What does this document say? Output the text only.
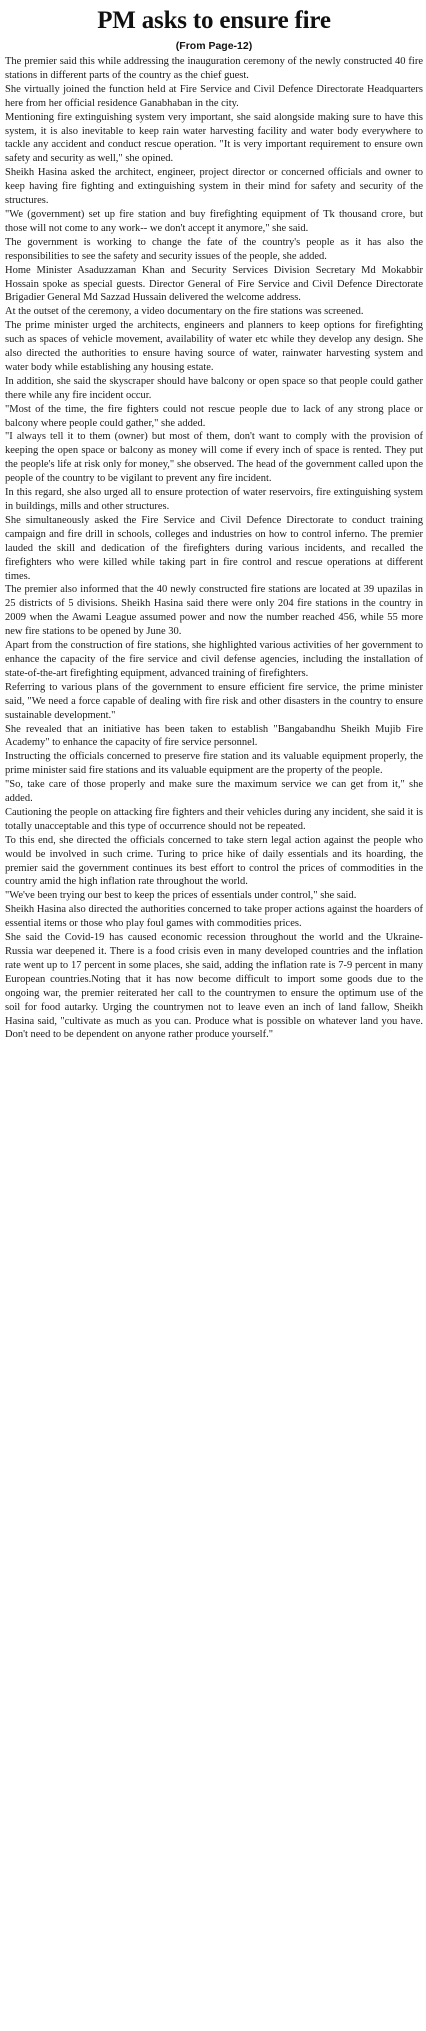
PM asks to ensure fire
(From Page-12)

The premier said this while addressing the inauguration ceremony of the newly constructed 40 fire stations in different parts of the country as the chief guest.

She virtually joined the function held at Fire Service and Civil Defence Directorate Headquarters here from her official residence Ganabhaban in the city.

Mentioning fire extinguishing system very important, she said alongside making sure to have this system, it is also inevitable to keep rain water harvesting facility and water body everywhere to tackle any accident and conduct rescue operation. "It is very important requirement to ensure own safety and security as well," she opined.

Sheikh Hasina asked the architect, engineer, project director or concerned officials and owner to keep having fire fighting and extinguishing system in their mind for safety and security of the structures.

"We (government) set up fire station and buy firefighting equipment of Tk thousand crore, but those will not come to any work-- we don't accept it anymore," she said.

The government is working to change the fate of the country's people as it has also the responsibilities to see the safety and security issues of the people, she added.

Home Minister Asaduzzaman Khan and Security Services Division Secretary Md Mokabbir Hossain spoke as special guests. Director General of Fire Service and Civil Defence Directorate Brigadier General Md Sazzad Hussain delivered the welcome address.

At the outset of the ceremony, a video documentary on the fire stations was screened.

The prime minister urged the architects, engineers and planners to keep options for firefighting such as spaces of vehicle movement, availability of water etc while they develop any design. She also directed the authorities to ensure having source of water, rainwater harvesting system and water body while establishing any housing estate.

In addition, she said the skyscraper should have balcony or open space so that people could gather there while any fire incident occur.

"Most of the time, the fire fighters could not rescue people due to lack of any strong place or balcony where people could gather," she added.

"I always tell it to them (owner) but most of them, don't want to comply with the provision of keeping the open space or balcony as money will come if every inch of space is rented. They put the people's life at risk only for money," she observed. The head of the government called upon the people of the country to be vigilant to prevent any fire incident.

In this regard, she also urged all to ensure protection of water reservoirs, fire extinguishing system in buildings, mills and other structures.

She simultaneously asked the Fire Service and Civil Defence Directorate to conduct training campaign and fire drill in schools, colleges and industries on how to control inferno. The premier lauded the skill and dedication of the firefighters during various incidents, and recalled the firefighters who were killed while taking part in fire control and rescue operations at different times.

The premier also informed that the 40 newly constructed fire stations are located at 39 upazilas in 25 districts of 5 divisions. Sheikh Hasina said there were only 204 fire stations in the country in 2009 when the Awami League assumed power and now the number reached 456, while 55 more new fire stations to be opened by June 30.

Apart from the construction of fire stations, she highlighted various activities of her government to enhance the capacity of the fire service and civil defense agencies, including the installation of state-of-the-art firefighting equipment, advanced training of firefighters.

Referring to various plans of the government to ensure efficient fire service, the prime minister said, "We need a force capable of dealing with fire risk and other disasters in the country to ensure sustainable development."

She revealed that an initiative has been taken to establish "Bangabandhu Sheikh Mujib Fire Academy" to enhance the capacity of fire service personnel.

Instructing the officials concerned to preserve fire station and its valuable equipment properly, the prime minister said fire stations and its valuable equipment are the property of the people.

"So, take care of those properly and make sure the maximum service we can get from it," she added.

Cautioning the people on attacking fire fighters and their vehicles during any incident, she said it is totally unacceptable and this type of occurrence should not be repeated.

To this end, she directed the officials concerned to take stern legal action against the people who would be involved in such crime. Turing to price hike of daily essentials and its hoarding, the premier said the government continues its best effort to control the prices of commodities in the country amid the high inflation rate throughout the world.

"We've been trying our best to keep the prices of essentials under control," she said.

Sheikh Hasina also directed the authorities concerned to take proper actions against the hoarders of essential items or those who play foul games with commodities prices.

She said the Covid-19 has caused economic recession throughout the world and the Ukraine-Russia war deepened it. There is a food crisis even in many developed countries and the inflation rate went up to 17 percent in some places, she said, adding the inflation rate is 7-9 percent in many European countries.Noting that it has now become difficult to import some goods due to the ongoing war, the premier reiterated her call to the countrymen to ensure the optimum use of the soil for food autarky. Urging the countrymen not to leave even an inch of land fallow, Sheikh Hasina said, "cultivate as much as you can. Produce what is possible on whatever land you have. Don't need to be dependent on anyone rather produce yourself."
